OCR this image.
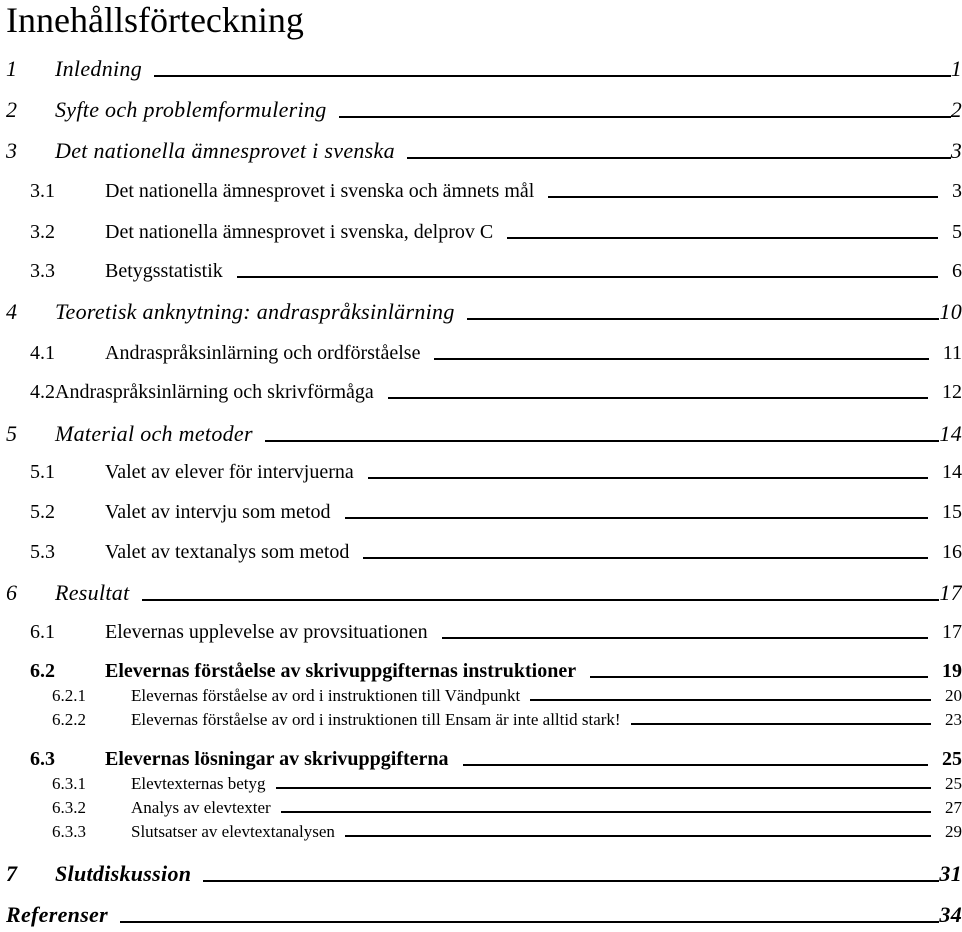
Innehållsförteckning
1	Inledning	1
2	Syfte och problemformulering	2
3	Det nationella ämnesprovet i svenska	3
3.1	Det nationella ämnesprovet i svenska och ämnets mål	3
3.2	Det nationella ämnesprovet i svenska, delprov C	5
3.3	Betygsstatistik	6
4	Teoretisk anknytning: andraspråksinlärning	10
4.1	Andraspråksinlärning och ordförståelse	11
4.2 Andraspråksinlärning och skrivförmåga	12
5	Material och metoder	14
5.1	Valet av elever för intervjuerna	14
5.2	Valet av intervju som metod	15
5.3	Valet av textanalys som metod	16
6	Resultat	17
6.1	Elevernas upplevelse av provsituationen	17
6.2	Elevernas förståelse av skrivuppgifternas instruktioner	19
6.2.1	Elevernas förståelse av ord i instruktionen till Vändpunkt	20
6.2.2	Elevernas förståelse av ord i instruktionen till Ensam är inte alltid stark!	23
6.3	Elevernas lösningar av skrivuppgifterna	25
6.3.1	Elevtexternas betyg	25
6.3.2	Analys av elevtexter	27
6.3.3	Slutsatser av elevtextanalysen	29
7	Slutdiskussion	31
Referenser	34
